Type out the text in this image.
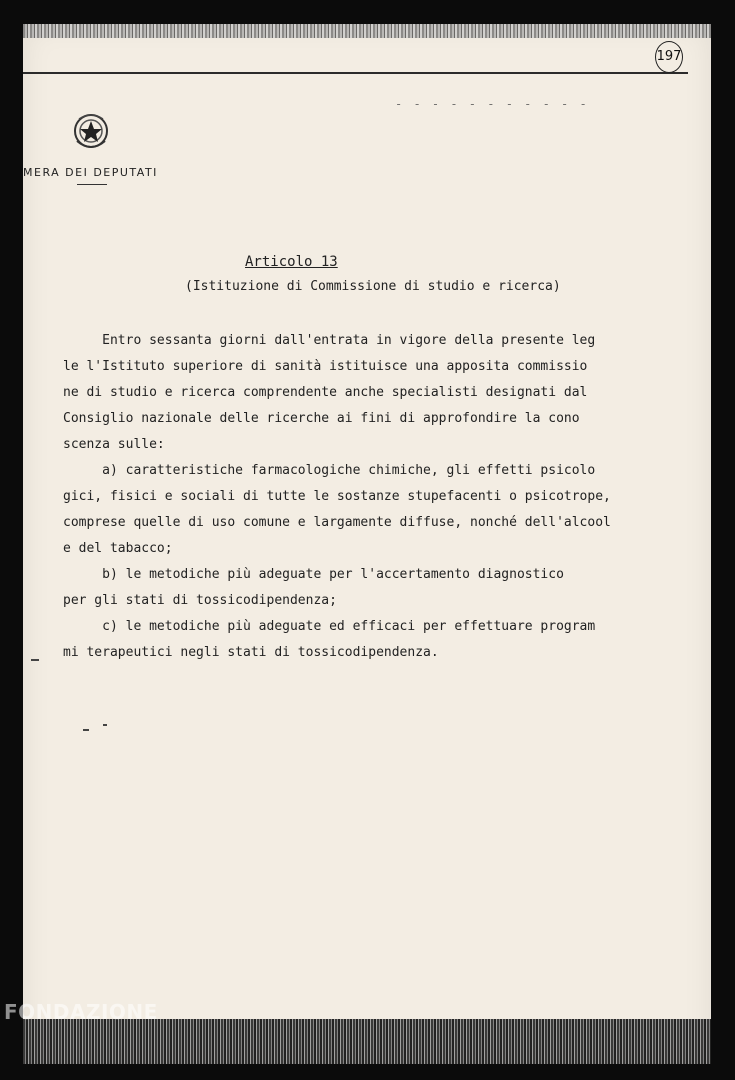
197
MERA DEI DEPUTATI
- - - - - - - - - - -
Articolo 13
(Istituzione di Commissione di studio e ricerca)
Entro sessanta giorni dall'entrata in vigore della presente leg
le l'Istituto superiore di sanità istituisce una apposita commissio
ne di studio e ricerca comprendente anche specialisti designati dal
Consiglio nazionale delle ricerche ai fini di approfondire la cono
scenza sulle:
a) caratteristiche farmacologiche chimiche, gli effetti psicolo
gici, fisici e sociali di tutte le sostanze stupefacenti o psicotrope,
comprese quelle di uso comune e largamente diffuse, nonché dell'alcool
e del tabacco;
b) le metodiche più adeguate per l'accertamento diagnostico
per gli stati di tossicodipendenza;
c) le metodiche più adeguate ed efficaci per effettuare program
mi terapeutici negli stati di tossicodipendenza.
FONDAZIONE
